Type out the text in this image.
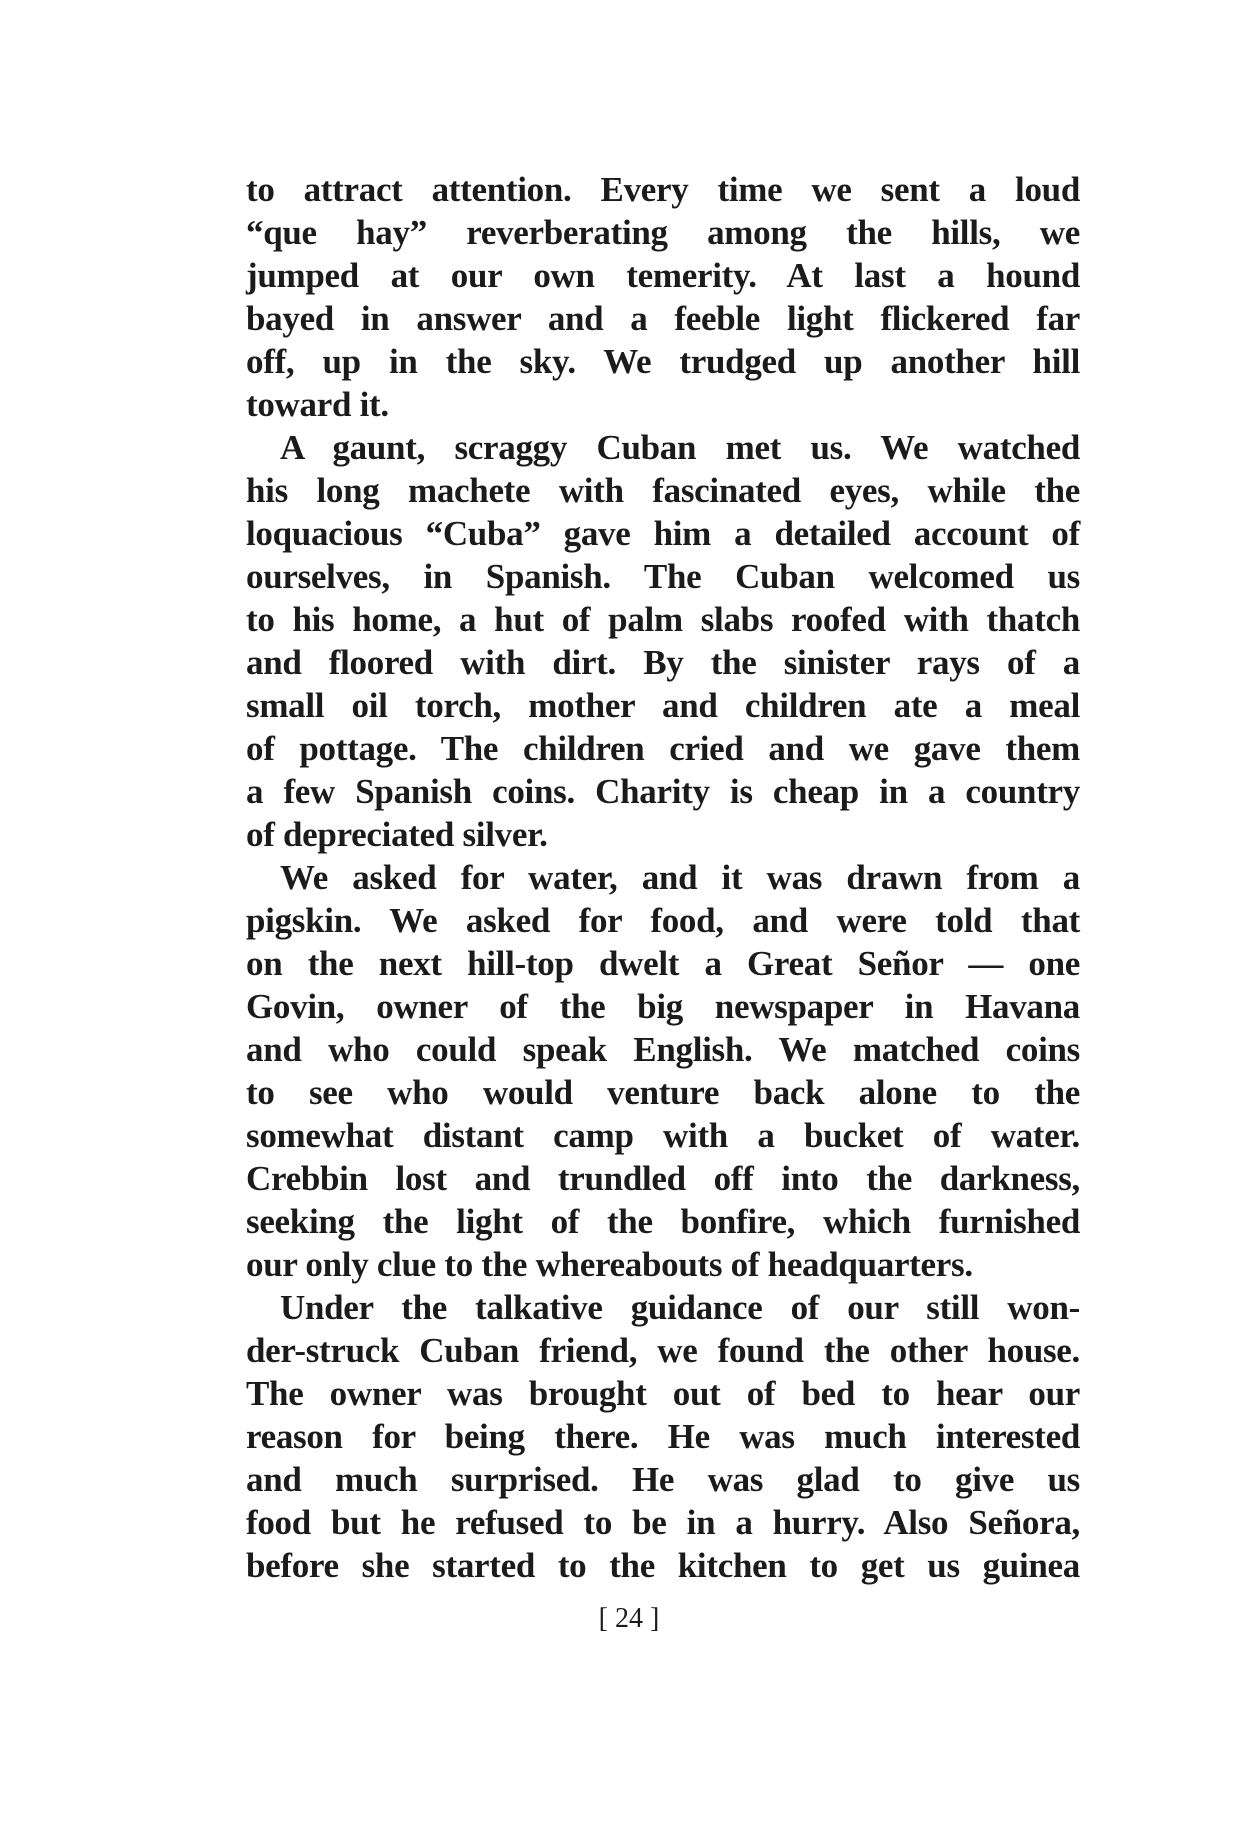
to attract attention. Every time we sent a loud
“que hay” reverberating among the hills, we
jumped at our own temerity. At last a hound
bayed in answer and a feeble light flickered far
off, up in the sky. We trudged up another hill
toward it.
A gaunt, scraggy Cuban met us. We watched
his long machete with fascinated eyes, while the
loquacious “Cuba” gave him a detailed account of
ourselves, in Spanish. The Cuban welcomed us
to his home, a hut of palm slabs roofed with thatch
and floored with dirt. By the sinister rays of a
small oil torch, mother and children ate a meal
of pottage. The children cried and we gave them
a few Spanish coins. Charity is cheap in a country
of depreciated silver.
We asked for water, and it was drawn from a
pigskin. We asked for food, and were told that
on the next hill-top dwelt a Great Señor — one
Govin, owner of the big newspaper in Havana
and who could speak English. We matched coins
to see who would venture back alone to the
somewhat distant camp with a bucket of water.
Crebbin lost and trundled off into the darkness,
seeking the light of the bonfire, which furnished
our only clue to the whereabouts of headquarters.
Under the talkative guidance of our still won-
der-struck Cuban friend, we found the other house.
The owner was brought out of bed to hear our
reason for being there. He was much interested
and much surprised. He was glad to give us
food but he refused to be in a hurry. Also Señora,
before she started to the kitchen to get us guinea
[ 24 ]
